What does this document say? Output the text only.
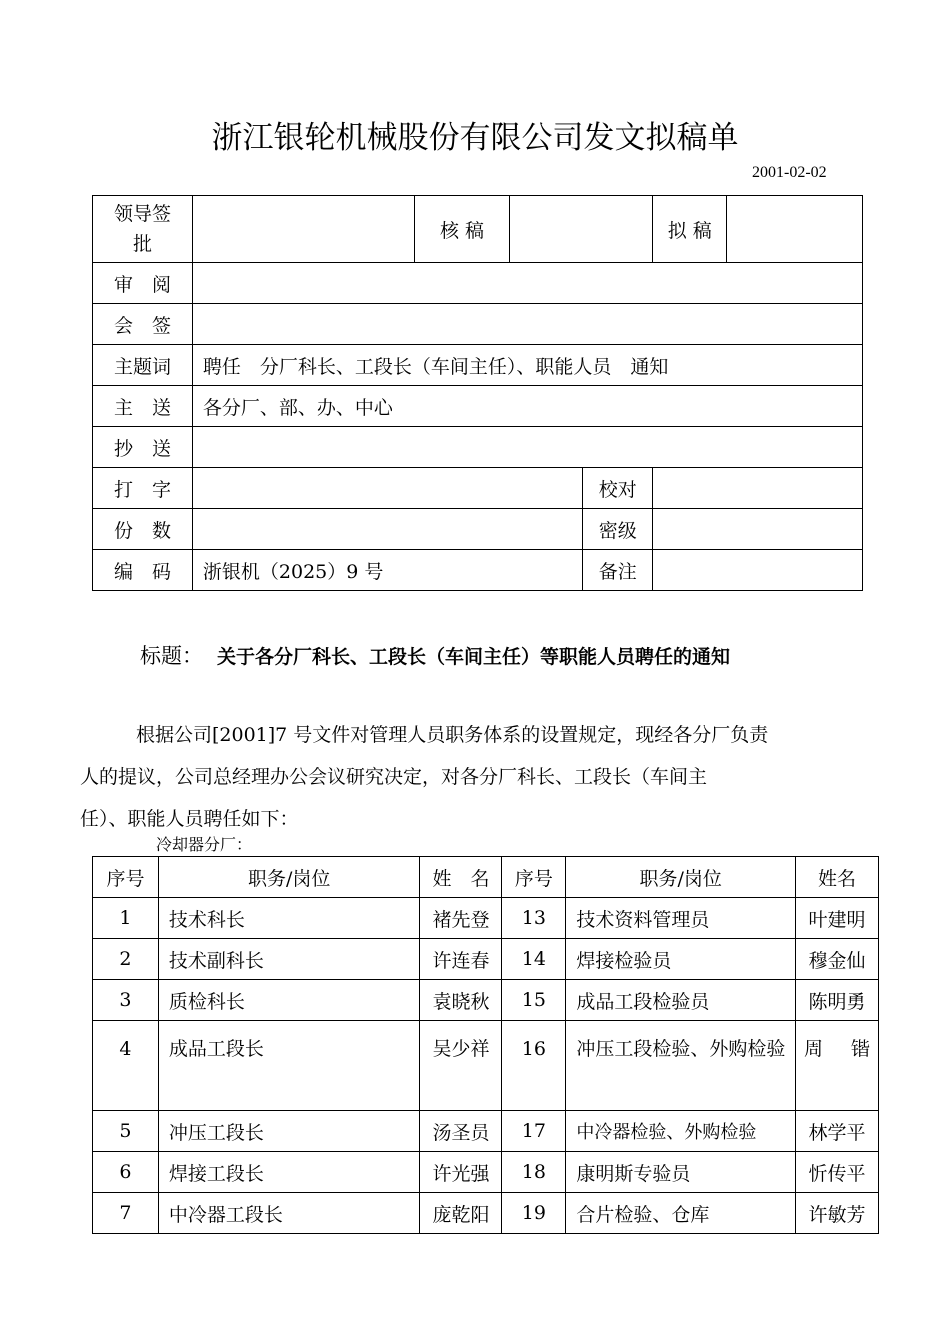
浙江银轮机械股份有限公司发文拟稿单
2001-02-02
领导签批		核 稿			拟 稿	
审　阅						
会　签						
主题词	聘任　分厂科长、工段长（车间主任）、职能人员　通知					
主　送	各分厂、部、办、中心					
抄　送						
打　字				校对		
份　数				密级		
编　码	浙银机（2025）9 号			备注		
标题： 关于各分厂科长、工段长（车间主任）等职能人员聘任的通知
根据公司[2001]7 号文件对管理人员职务体系的设置规定，现经各分厂负责
人的提议，公司总经理办公会议研究决定，对各分厂科长、工段长（车间主
任）、职能人员聘任如下：
冷却器分厂：
序号	职务/岗位	姓　名	序号	职务/岗位	姓名
1	技术科长	褚先登	13	技术资料管理员	叶建明
2	技术副科长	许连春	14	焊接检验员	穆金仙
3	质检科长	袁晓秋	15	成品工段检验员	陈明勇
4	成品工段长	吴少祥	16	冲压工段检验、外购检验	周　锴
5	冲压工段长	汤圣员	17	中冷器检验、外购检验	林学平
6	焊接工段长	许光强	18	康明斯专验员	忻传平
7	中冷器工段长	庞乾阳	19	合片检验、仓库	许敏芳
